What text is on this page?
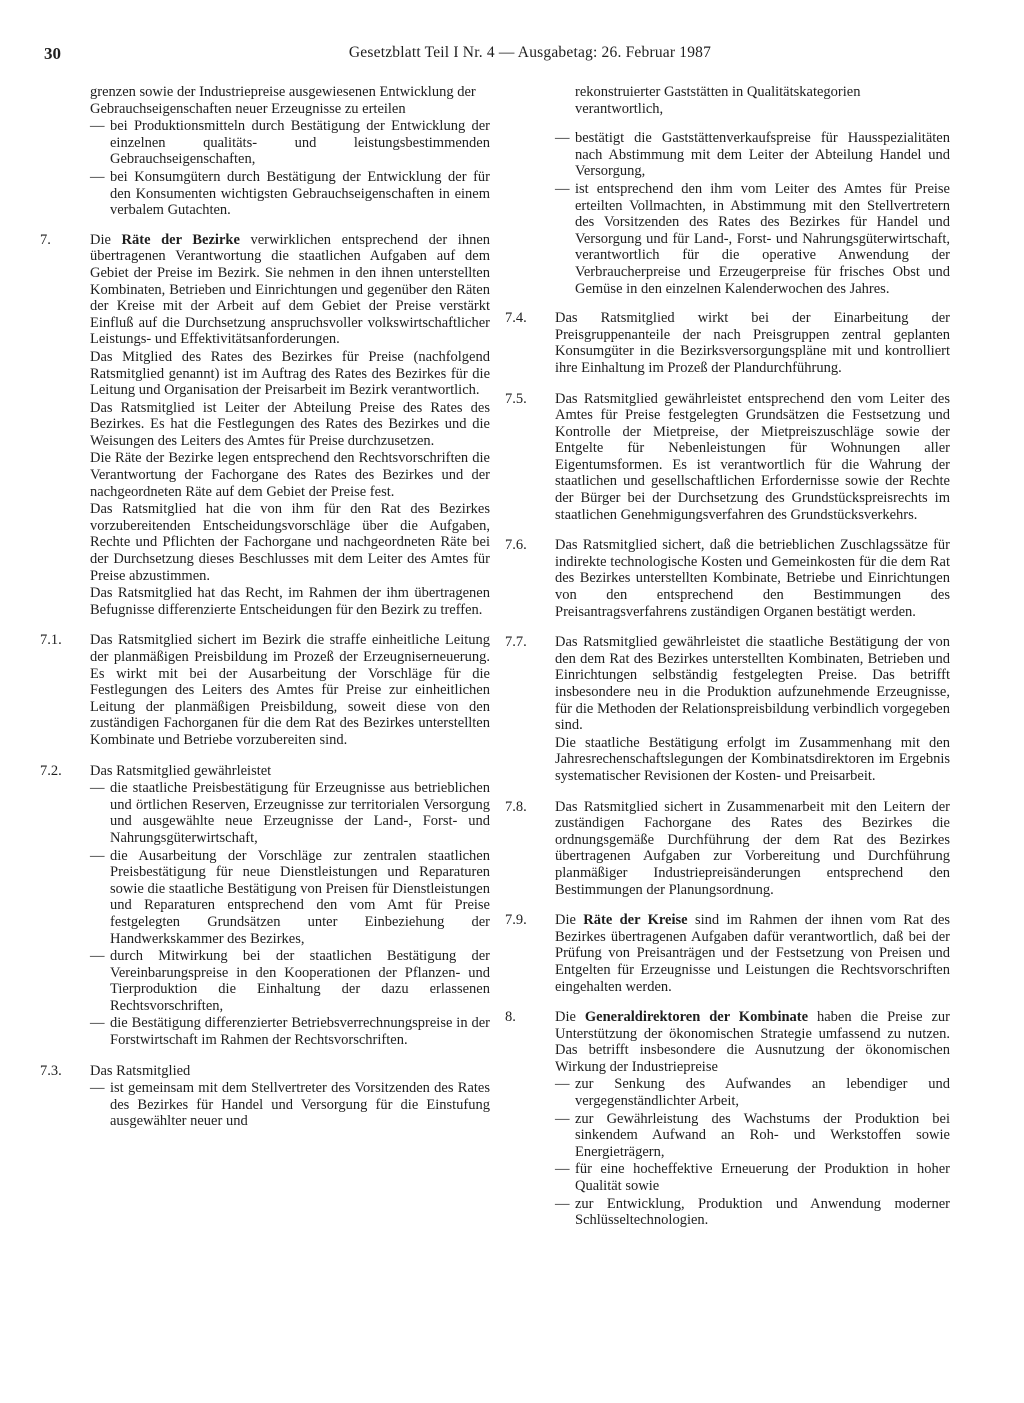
30	Gesetzblatt Teil I Nr. 4 — Ausgabetag: 26. Februar 1987

grenzen sowie der Industriepreise ausgewiesenen Entwicklung der Gebrauchseigenschaften neuer Erzeugnisse zu erteilen

— bei Produktionsmitteln durch Bestätigung der Entwicklung der einzelnen qualitäts- und leistungsbestimmenden Gebrauchseigenschaften,
— bei Konsumgütern durch Bestätigung der Entwicklung der für den Konsumenten wichtigsten Gebrauchseigenschaften in einem verbalem Gutachten.
7.	Die Räte der Bezirke verwirklichen entsprechend der ihnen übertragenen Verantwortung die staatlichen Aufgaben auf dem Gebiet der Preise im Bezirk. Sie nehmen in den ihnen unterstellten Kombinaten, Betrieben und Einrichtungen und gegenüber den Räten der Kreise mit der Arbeit auf dem Gebiet der Preise verstärkt Einfluß auf die Durchsetzung anspruchsvoller volkswirtschaftlicher Leistungs- und Effektivitätsanforderungen.

Das Mitglied des Rates des Bezirkes für Preise (nachfolgend Ratsmitglied genannt) ist im Auftrag des Rates des Bezirkes für die Leitung und Organisation der Preisarbeit im Bezirk verantwortlich.

Das Ratsmitglied ist Leiter der Abteilung Preise des Rates des Bezirkes. Es hat die Festlegungen des Rates des Bezirkes und die Weisungen des Leiters des Amtes für Preise durchzusetzen.

Die Räte der Bezirke legen entsprechend den Rechtsvorschriften die Verantwortung der Fachorgane des Rates des Bezirkes und der nachgeordneten Räte auf dem Gebiet der Preise fest.

Das Ratsmitglied hat die von ihm für den Rat des Bezirkes vorzubereitenden Entscheidungsvorschläge über die Aufgaben, Rechte und Pflichten der Fachorgane und nachgeordneten Räte bei der Durchsetzung dieses Beschlusses mit dem Leiter des Amtes für Preise abzustimmen.

Das Ratsmitglied hat das Recht, im Rahmen der ihm übertragenen Befugnisse differenzierte Entscheidungen für den Bezirk zu treffen.

7.1.	Das Ratsmitglied sichert im Bezirk die straffe einheitliche Leitung der planmäßigen Preisbildung im Prozeß der Erzeugniserneuerung. Es wirkt mit bei der Ausarbeitung der Vorschläge für die Festlegungen des Leiters des Amtes für Preise zur einheitlichen Leitung der planmäßigen Preisbildung, soweit diese von den zuständigen Fachorganen für die dem Rat des Bezirkes unterstellten Kombinate und Betriebe vorzubereiten sind.

7.2.	Das Ratsmitglied gewährleistet

— die staatliche Preisbestätigung für Erzeugnisse aus betrieblichen und örtlichen Reserven, Erzeugnisse zur territorialen Versorgung und ausgewählte neue Erzeugnisse der Land-, Forst- und Nahrungsgüterwirtschaft,
— die Ausarbeitung der Vorschläge zur zentralen staatlichen Preisbestätigung für neue Dienstleistungen und Reparaturen sowie die staatliche Bestätigung von Preisen für Dienstleistungen und Reparaturen entsprechend den vom Amt für Preise festgelegten Grundsätzen unter Einbeziehung der Handwerkskammer des Bezirkes,
— durch Mitwirkung bei der staatlichen Bestätigung der Vereinbarungspreise in den Kooperationen der Pflanzen- und Tierproduktion die Einhaltung der dazu erlassenen Rechtsvorschriften,
— die Bestätigung differenzierter Betriebsverrechnungspreise in der Forstwirtschaft im Rahmen der Rechtsvorschriften.
7.3.	Das Ratsmitglied

— ist gemeinsam mit dem Stellvertreter des Vorsitzenden des Rates des Bezirkes für Handel und Versorgung für die Einstufung ausgewählter neuer und

rekonstruierter Gaststätten in Qualitätskategorien verantwortlich,

— bestätigt die Gaststättenverkaufspreise für Hausspezialitäten nach Abstimmung mit dem Leiter der Abteilung Handel und Versorgung,
— ist entsprechend den ihm vom Leiter des Amtes für Preise erteilten Vollmachten, in Abstimmung mit den Stellvertretern des Vorsitzenden des Rates des Bezirkes für Handel und Versorgung und für Land-, Forst- und Nahrungsgüterwirtschaft, verantwortlich für die operative Anwendung der Verbraucherpreise und Erzeugerpreise für frisches Obst und Gemüse in den einzelnen Kalenderwochen des Jahres.
7.4.	Das Ratsmitglied wirkt bei der Einarbeitung der Preisgruppenanteile der nach Preisgruppen zentral geplanten Konsumgüter in die Bezirksversorgungspläne mit und kontrolliert ihre Einhaltung im Prozeß der Plandurchführung.

7.5.	Das Ratsmitglied gewährleistet entsprechend den vom Leiter des Amtes für Preise festgelegten Grundsätzen die Festsetzung und Kontrolle der Mietpreise, der Mietpreiszuschläge sowie der Entgelte für Nebenleistungen für Wohnungen aller Eigentumsformen. Es ist verantwortlich für die Wahrung der staatlichen und gesellschaftlichen Erfordernisse sowie der Rechte der Bürger bei der Durchsetzung des Grundstückspreisrechts im staatlichen Genehmigungsverfahren des Grundstücksverkehrs.

7.6.	Das Ratsmitglied sichert, daß die betrieblichen Zuschlagssätze für indirekte technologische Kosten und Gemeinkosten für die dem Rat des Bezirkes unterstellten Kombinate, Betriebe und Einrichtungen von den entsprechend den Bestimmungen des Preisantragsverfahrens zuständigen Organen bestätigt werden.

7.7.	Das Ratsmitglied gewährleistet die staatliche Bestätigung der von den dem Rat des Bezirkes unterstellten Kombinaten, Betrieben und Einrichtungen selbständig festgelegten Preise. Das betrifft insbesondere neu in die Produktion aufzunehmende Erzeugnisse, für die Methoden der Relationspreisbildung verbindlich vorgegeben sind.

Die staatliche Bestätigung erfolgt im Zusammenhang mit den Jahresrechenschaftslegungen der Kombinatsdirektoren im Ergebnis systematischer Revisionen der Kosten- und Preisarbeit.

7.8.	Das Ratsmitglied sichert in Zusammenarbeit mit den Leitern der zuständigen Fachorgane des Rates des Bezirkes die ordnungsgemäße Durchführung der dem Rat des Bezirkes übertragenen Aufgaben zur Vorbereitung und Durchführung planmäßiger Industriepreisänderungen entsprechend den Bestimmungen der Planungsordnung.

7.9.	Die Räte der Kreise sind im Rahmen der ihnen vom Rat des Bezirkes übertragenen Aufgaben dafür verantwortlich, daß bei der Prüfung von Preisanträgen und der Festsetzung von Preisen und Entgelten für Erzeugnisse und Leistungen die Rechtsvorschriften eingehalten werden.

8.	Die Generaldirektoren der Kombinate haben die Preise zur Unterstützung der ökonomischen Strategie umfassend zu nutzen. Das betrifft insbesondere die Ausnutzung der ökonomischen Wirkung der Industriepreise

— zur Senkung des Aufwandes an lebendiger und vergegenständlichter Arbeit,
— zur Gewährleistung des Wachstums der Produktion bei sinkendem Aufwand an Roh- und Werkstoffen sowie Energieträgern,
— für eine hocheffektive Erneuerung der Produktion in hoher Qualität sowie
— zur Entwicklung, Produktion und Anwendung moderner Schlüsseltechnologien.
